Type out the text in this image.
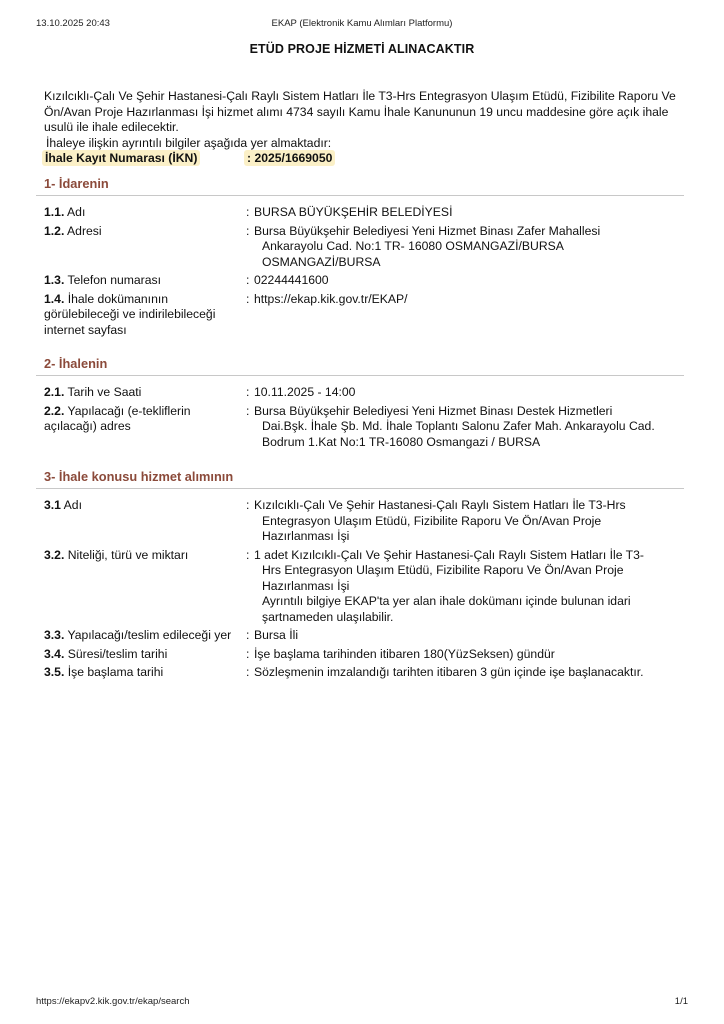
13.10.2025 20:43	EKAP (Elektronik Kamu Alımları Platformu)
ETÜD PROJE HİZMETİ ALINACAKTIR

Kızılcıklı-Çalı Ve Şehir Hastanesi-Çalı Raylı Sistem Hatları İle T3-Hrs Entegrasyon Ulaşım Etüdü, Fizibilite Raporu Ve Ön/Avan Proje Hazırlanması İşi hizmet alımı 4734 sayılı Kamu İhale Kanununun 19 uncu maddesine göre açık ihale usulü ile ihale edilecektir.

İhaleye ilişkin ayrıntılı bilgiler aşağıda yer almaktadır:

İhale Kayıt Numarası (İKN)	: 2025/1669050
1- İdarenin
1.1. Adı	: BURSA BÜYÜKŞEHİR BELEDİYESİ
1.2. Adresi	: Bursa Büyükşehir Belediyesi Yeni Hizmet Binası Zafer Mahallesi
Ankarayolu Cad. No:1 TR- 16080 OSMANGAZİ/BURSA
OSMANGAZİ/BURSA
1.3. Telefon numarası	: 02244441600
1.4. İhale dokümanının görülebileceği ve indirilebileceği internet sayfası
: https://ekap.kik.gov.tr/EKAP/
2- İhalenin
2.1. Tarih ve Saati	: 10.11.2025 - 14:00
2.2. Yapılacağı (e-tekliflerin açılacağı) adres
: Bursa Büyükşehir Belediyesi Yeni Hizmet Binası Destek Hizmetleri
Dai.Bşk. İhale Şb. Md. İhale Toplantı Salonu Zafer Mah. Ankarayolu Cad.
Bodrum 1.Kat No:1 TR-16080 Osmangazi / BURSA
3- İhale konusu hizmet alımının
3.1 Adı	: Kızılcıklı-Çalı Ve Şehir Hastanesi-Çalı Raylı Sistem Hatları İle T3-Hrs
Entegrasyon Ulaşım Etüdü, Fizibilite Raporu Ve Ön/Avan Proje
Hazırlanması İşi
3.2. Niteliği, türü ve miktarı	: 1 adet Kızılcıklı-Çalı Ve Şehir Hastanesi-Çalı Raylı Sistem Hatları İle T3-
Hrs Entegrasyon Ulaşım Etüdü, Fizibilite Raporu Ve Ön/Avan Proje
Hazırlanması İşi
Ayrıntılı bilgiye EKAP'ta yer alan ihale dokümanı içinde bulunan idari
şartnameden ulaşılabilir.
3.3. Yapılacağı/teslim edileceği yer	: Bursa İli
3.4. Süresi/teslim tarihi	: İşe başlama tarihinden itibaren 180(YüzSeksen) gündür
3.5. İşe başlama tarihi	: Sözleşmenin imzalandığı tarihten itibaren 3 gün içinde işe başlanacaktır.
https://ekapv2.kik.gov.tr/ekap/search	1/1
